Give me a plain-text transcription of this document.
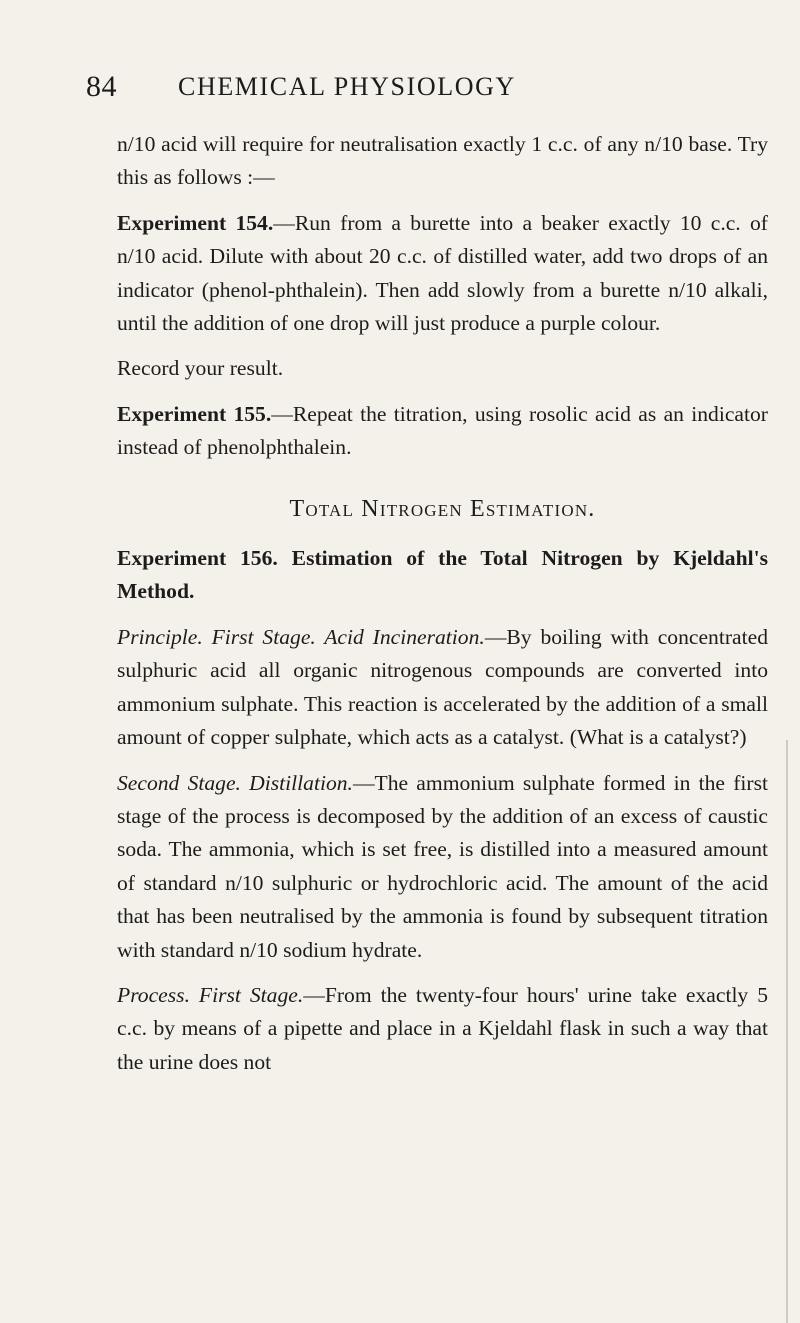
84 CHEMICAL PHYSIOLOGY

n/10 acid will require for neutralisation exactly 1 c.c. of any n/10 base. Try this as follows :—

Experiment 154.—Run from a burette into a beaker exactly 10 c.c. of n/10 acid. Dilute with about 20 c.c. of distilled water, add two drops of an indicator (phenol-phthalein). Then add slowly from a burette n/10 alkali, until the addition of one drop will just produce a purple colour.

Record your result.

Experiment 155.—Repeat the titration, using rosolic acid as an indicator instead of phenolphthalein.

Total Nitrogen Estimation.

Experiment 156. Estimation of the Total Nitrogen by Kjeldahl's Method.

Principle. First Stage. Acid Incineration.—By boiling with concentrated sulphuric acid all organic nitrogenous compounds are converted into ammonium sulphate. This reaction is accelerated by the addition of a small amount of copper sulphate, which acts as a catalyst. (What is a catalyst?)

Second Stage. Distillation.—The ammonium sulphate formed in the first stage of the process is decomposed by the addition of an excess of caustic soda. The ammonia, which is set free, is distilled into a measured amount of standard n/10 sulphuric or hydrochloric acid. The amount of the acid that has been neutralised by the ammonia is found by subsequent titration with standard n/10 sodium hydrate.

Process. First Stage.—From the twenty-four hours' urine take exactly 5 c.c. by means of a pipette and place in a Kjeldahl flask in such a way that the urine does not
